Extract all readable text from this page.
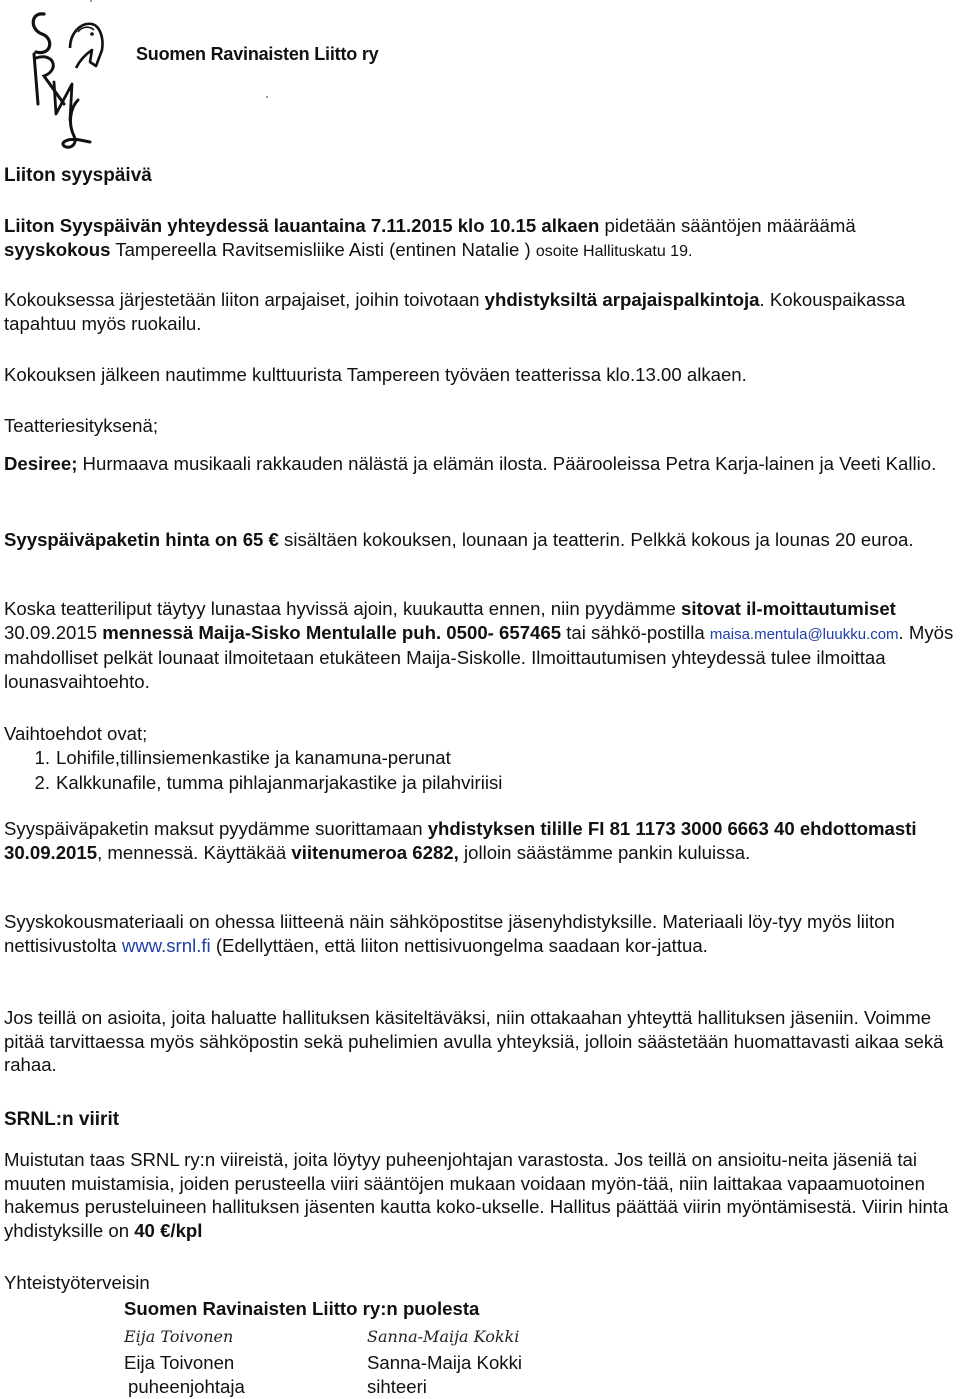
Suomen Ravinaisten Liitto ry

Liiton syyspäivä

Liiton Syyspäivän yhteydessä lauantaina 7.11.2015 klo 10.15 alkaen pidetään sääntöjen määräämä syyskokous Tampereella Ravitsemisliike Aisti (entinen Natalie ) osoite Hallituskatu 19.

Kokouksessa järjestetään liiton arpajaiset, joihin toivotaan yhdistyksiltä arpajaispalkintoja. Kokouspaikassa tapahtuu myös ruokailu.

Kokouksen jälkeen nautimme kulttuurista Tampereen työväen teatterissa klo.13.00 alkaen.

Teatteriesityksenä;

Desiree; Hurmaava musikaali rakkauden nälästä ja elämän ilosta. Päärooleissa Petra Karja-lainen ja Veeti Kallio.

Syyspäiväpaketin hinta on 65 € sisältäen kokouksen, lounaan ja teatterin. Pelkkä kokous ja lounas 20 euroa.

Koska teatteriliput täytyy lunastaa hyvissä ajoin, kuukautta ennen, niin pyydämme sitovat il-moittautumiset 30.09.2015 mennessä Maija-Sisko Mentulalle puh. 0500- 657465 tai sähkö-postilla maisa.mentula@luukku.com. Myös mahdolliset pelkät lounaat ilmoitetaan etukäteen Maija-Siskolle. Ilmoittautumisen yhteydessä tulee ilmoittaa lounasvaihtoehto.

Vaihtoehdot ovat;

1. Lohifile,tillinsiemenkastike ja kanamuna-perunat
2. Kalkkunafile, tumma pihlajanmarjakastike ja pilahviriisi

Syyspäiväpaketin maksut pyydämme suorittamaan yhdistyksen tilille FI 81 1173 3000 6663 40 ehdottomasti 30.09.2015, mennessä. Käyttäkää viitenumeroa 6282, jolloin säästämme pankin kuluissa.

Syyskokousmateriaali on ohessa liitteenä näin sähköpostitse jäsenyhdistyksille. Materiaali löy-tyy myös liiton nettisivustolta www.srnl.fi (Edellyttäen, että liiton nettisivuongelma saadaan kor-jattua.

Jos teillä on asioita, joita haluatte hallituksen käsiteltäväksi, niin ottakaahan yhteyttä hallituksen jäseniin. Voimme pitää tarvittaessa myös sähköpostin sekä puhelimien avulla yhteyksiä, jolloin säästetään huomattavasti aikaa sekä rahaa.

SRNL:n viirit

Muistutan taas SRNL ry:n viireistä, joita löytyy puheenjohtajan varastosta. Jos teillä on ansioitu-neita jäseniä tai muuten muistamisia, joiden perusteella viiri sääntöjen mukaan voidaan myön-tää, niin laittakaa vapaamuotoinen hakemus perusteluineen hallituksen jäsenten kautta koko-ukselle. Hallitus päättää viirin myöntämisestä. Viirin hinta yhdistyksille on 40 €/kpl

Yhteistyöterveisin

Suomen Ravinaisten Liitto ry:n puolesta
Eija Toivonen	Sanna-Maija Kokki
Eija Toivonen	Sanna-Maija Kokki
puheenjohtaja	sihteeri
